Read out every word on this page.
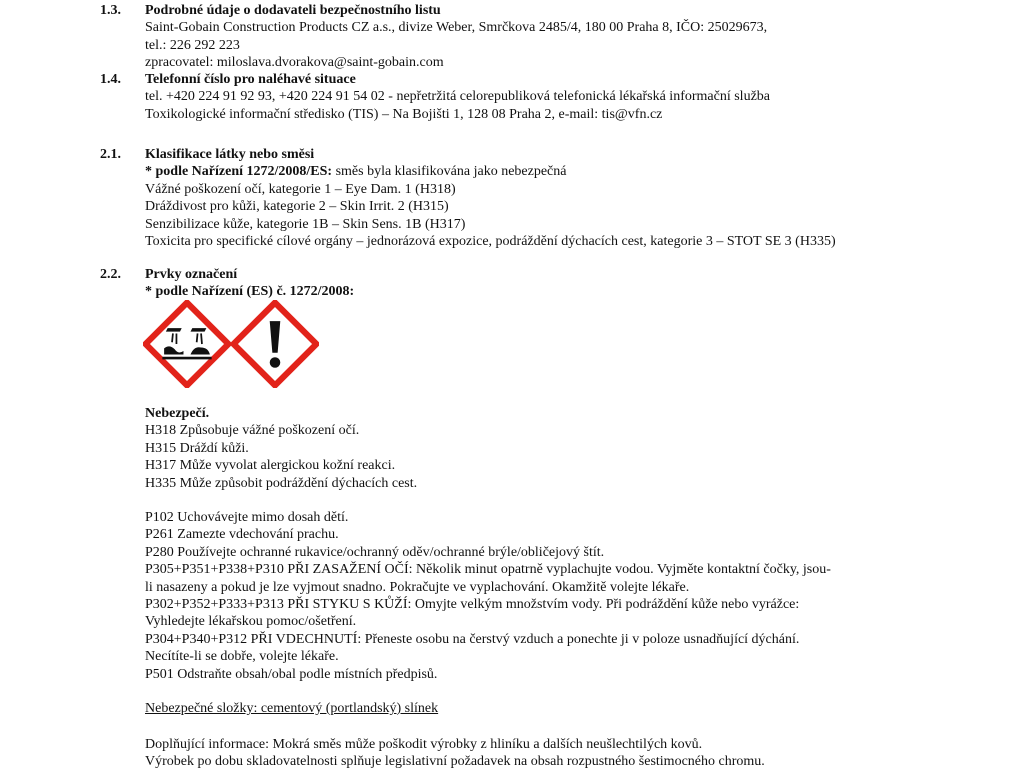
1.3. Podrobné údaje o dodavateli bezpečnostního listu
Saint-Gobain Construction Products CZ a.s., divize Weber, Smrčkova 2485/4, 180 00 Praha 8, IČO: 25029673,
tel.: 226 292 223
zpracovatel: miloslava.dvorakova@saint-gobain.com
1.4. Telefonní číslo pro naléhavé situace
tel. +420 224 91 92 93, +420 224 91 54 02 - nepřetržitá celorepubliková telefonická lékařská informační služba
Toxikologické informační středisko (TIS) – Na Bojišti 1, 128 08 Praha 2, e-mail: tis@vfn.cz
2.1. Klasifikace látky nebo směsi
* podle Nařízení 1272/2008/ES: směs byla klasifikována jako nebezpečná
Vážné poškození očí, kategorie 1 – Eye Dam. 1 (H318)
Dráždivost pro kůži, kategorie 2 – Skin Irrit. 2 (H315)
Senzibilizace kůže, kategorie 1B – Skin Sens. 1B (H317)
Toxicita pro specifické cílové orgány – jednorázová expozice, podráždění dýchacích cest, kategorie 3 – STOT SE 3 (H335)
2.2. Prvky označení
* podle Nařízení (ES) č. 1272/2008:
Nebezpečí.
H318 Způsobuje vážné poškození očí.
H315 Dráždí kůži.
H317 Může vyvolat alergickou kožní reakci.
H335 Může způsobit podráždění dýchacích cest.
P102 Uchovávejte mimo dosah dětí.
P261 Zamezte vdechování prachu.
P280 Používejte ochranné rukavice/ochranný oděv/ochranné brýle/obličejový štít.
P305+P351+P338+P310 PŘI ZASAŽENÍ OČÍ: Několik minut opatrně vyplachujte vodou. Vyjměte kontaktní čočky, jsou-
li nasazeny a pokud je lze vyjmout snadno. Pokračujte ve vyplachování. Okamžitě volejte lékaře.
P302+P352+P333+P313 PŘI STYKU S KŮŽÍ: Omyjte velkým množstvím vody. Při podráždění kůže nebo vyrážce:
Vyhledejte lékařskou pomoc/ošetření.
P304+P340+P312 PŘI VDECHNUTÍ: Přeneste osobu na čerstvý vzduch a ponechte ji v poloze usnadňující dýchání.
Necítíte-li se dobře, volejte lékaře.
P501 Odstraňte obsah/obal podle místních předpisů.
Nebezpečné složky: cementový (portlandský) slínek
Doplňující informace: Mokrá směs může poškodit výrobky z hliníku a dalších neušlechtilých kovů.
Výrobek po dobu skladovatelnosti splňuje legislativní požadavek na obsah rozpustného šestimocného chromu.
